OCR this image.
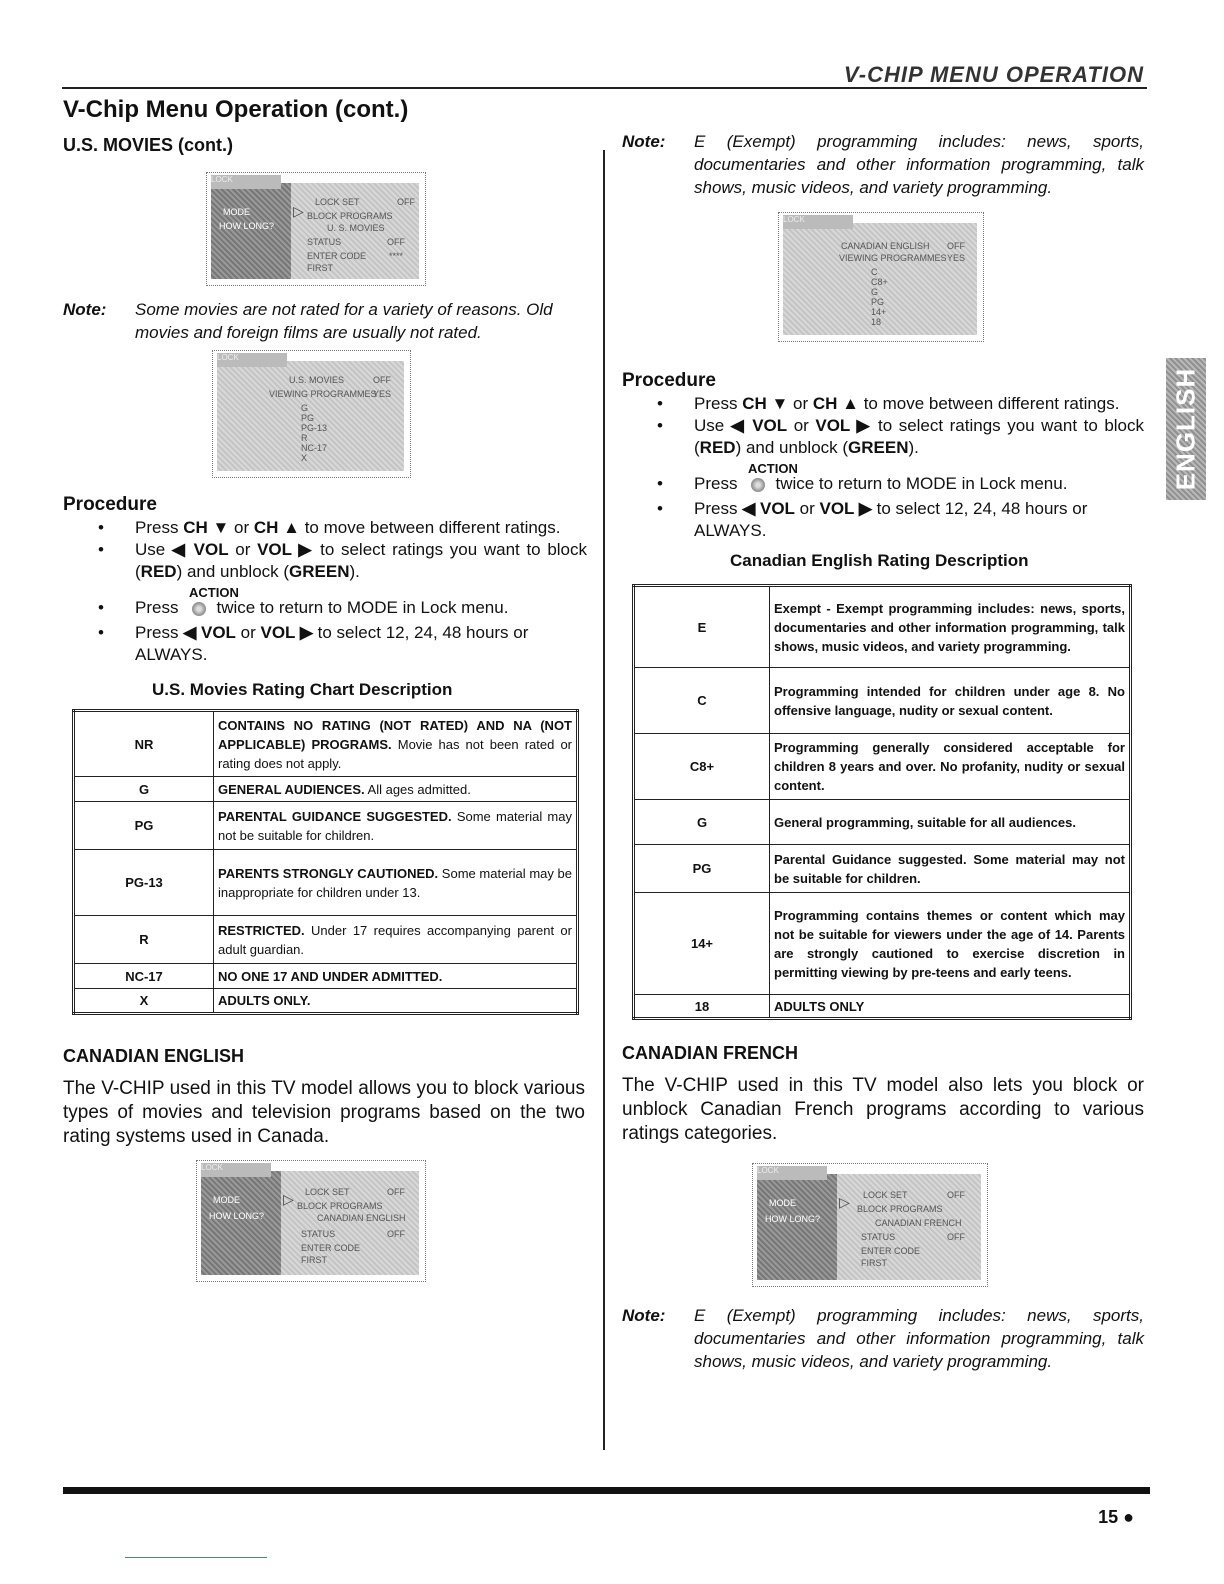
V-CHIP MENU OPERATION
V-Chip Menu Operation (cont.)
U.S. MOVIES (cont.)
LOCK
MODE
HOW LONG?
▷
LOCK SET
BLOCK PROGRAMS
U. S. MOVIES
STATUS
ENTER CODE
FIRST
OFF
OFF
****
Note: Some movies are not rated for a variety of reasons. Old movies and foreign films are usually not rated.
LOCK
U.S. MOVIES
VIEWING PROGRAMMES
G
PG
PG-13
R
NC-17
X
OFF
YES
Procedure
• Press CH ▼ or CH ▲ to move between different ratings.
• Use ◀ VOL or VOL ▶ to select ratings you want to block (RED) and unblock (GREEN).
ACTION
• Press twice to return to MODE in Lock menu.
• Press ◀ VOL or VOL ▶ to select 12, 24, 48 hours or ALWAYS.
U.S. Movies Rating Chart Description
NR	CONTAINS NO RATING (NOT RATED) AND NA (NOT APPLICABLE) PROGRAMS. Movie has not been rated or rating does not apply.
G	GENERAL AUDIENCES. All ages admitted.
PG	PARENTAL GUIDANCE SUGGESTED. Some material may not be suitable for children.
PG-13	PARENTS STRONGLY CAUTIONED. Some material may be inappropriate for children under 13.
R	RESTRICTED. Under 17 requires accompanying parent or adult guardian.
NC-17	NO ONE 17 AND UNDER ADMITTED.
X	ADULTS ONLY.
CANADIAN ENGLISH
The V-CHIP used in this TV model allows you to block various types of movies and television programs based on the two rating systems used in Canada.
LOCK
MODE
HOW LONG?
▷ LOCK SET
BLOCK PROGRAMS
CANADIAN ENGLISH
STATUS
ENTER CODE
FIRST
OFF
OFF
Note: E (Exempt) programming includes: news, sports, documentaries and other information programming, talk shows, music videos, and variety programming.
LOCK
CANADIAN ENGLISH
VIEWING PROGRAMMES
C
C8+
G
PG
14+
18
OFF
YES
Procedure
• Press CH ▼ or CH ▲ to move between different ratings.
• Use ◀ VOL or VOL ▶ to select ratings you want to block (RED) and unblock (GREEN).
ACTION
• Press twice to return to MODE in Lock menu.
• Press ◀ VOL or VOL ▶ to select 12, 24, 48 hours or ALWAYS.
Canadian English Rating Description
E	Exempt - Exempt programming includes: news, sports, documentaries and other information programming, talk shows, music videos, and variety programming.
C	Programming intended for children under age 8. No offensive language, nudity or sexual content.
C8+	Programming generally considered acceptable for children 8 years and over. No profanity, nudity or sexual content.
G	General programming, suitable for all audiences.
PG	Parental Guidance suggested. Some material may not be suitable for children.
14+	Programming contains themes or content which may not be suitable for viewers under the age of 14. Parents are strongly cautioned to exercise discretion in permitting viewing by pre-teens and early teens.
18	ADULTS ONLY
CANADIAN FRENCH
The V-CHIP used in this TV model also lets you block or unblock Canadian French programs according to various ratings categories.
LOCK
MODE
HOW LONG?
▷ LOCK SET
BLOCK PROGRAMS
CANADIAN FRENCH
STATUS
ENTER CODE
FIRST
OFF
OFF
Note: E (Exempt) programming includes: news, sports, documentaries and other information programming, talk shows, music videos, and variety programming.
ENGLISH
15 ●
